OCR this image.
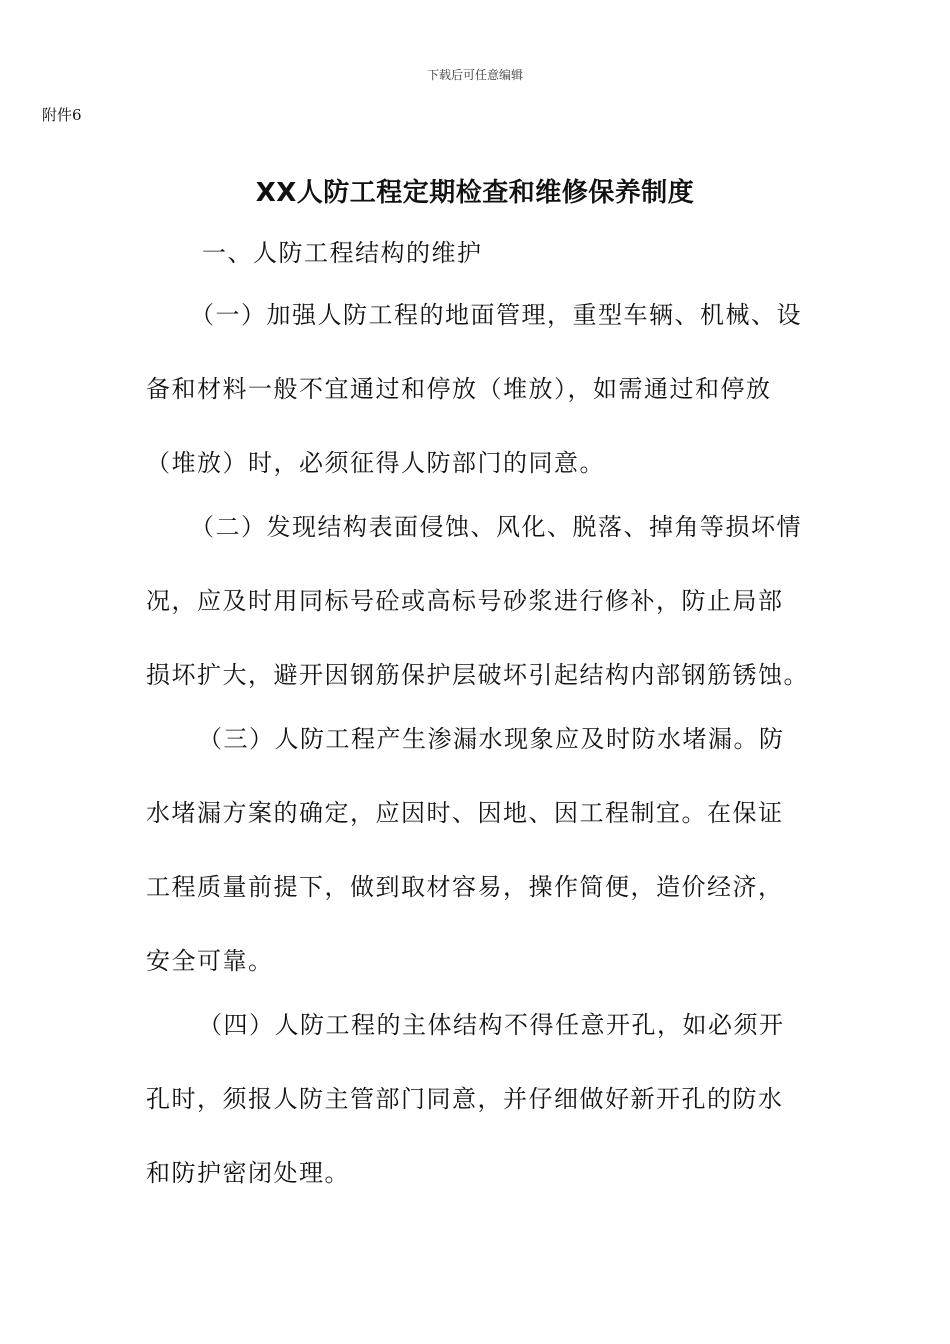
下载后可任意编辑
附件6
XX人防工程定期检查和维修保养制度
一、人防工程结构的维护
（一）加强人防工程的地面管理，重型车辆、机械、设
备和材料一般不宜通过和停放（堆放），如需通过和停放
（堆放）时，必须征得人防部门的同意。
（二）发现结构表面侵蚀、风化、脱落、掉角等损坏情
况，应及时用同标号砼或高标号砂浆进行修补，防止局部
损坏扩大，避开因钢筋保护层破坏引起结构内部钢筋锈蚀。
（三）人防工程产生渗漏水现象应及时防水堵漏。防
水堵漏方案的确定，应因时、因地、因工程制宜。在保证
工程质量前提下，做到取材容易，操作简便，造价经济，
安全可靠。
（四）人防工程的主体结构不得任意开孔，如必须开
孔时，须报人防主管部门同意，并仔细做好新开孔的防水
和防护密闭处理。
